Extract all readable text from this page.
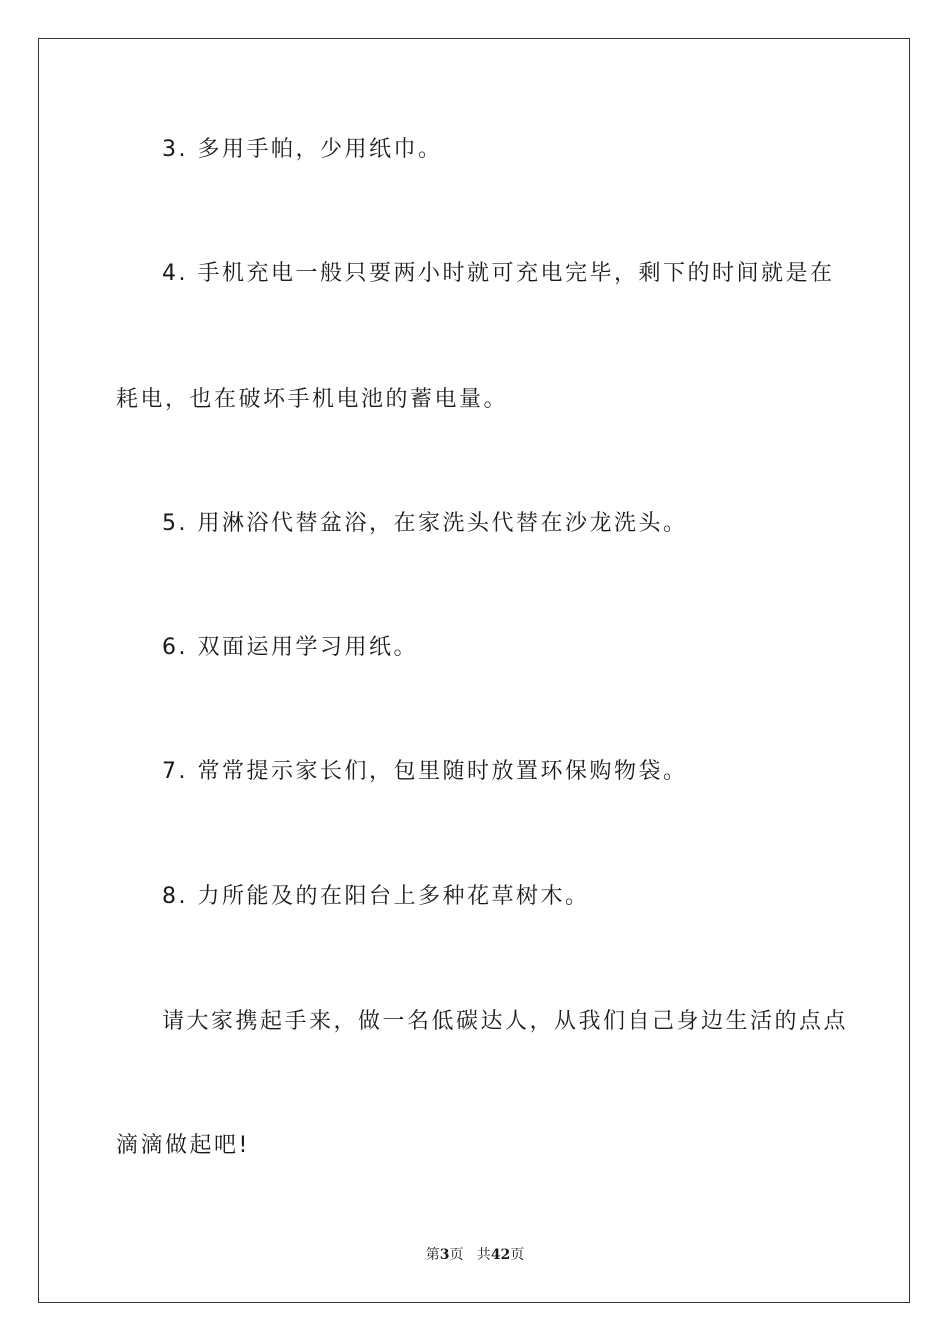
3. 多用手帕，少用纸巾。
4. 手机充电一般只要两小时就可充电完毕，剩下的时间就是在
耗电，也在破坏手机电池的蓄电量。
5. 用淋浴代替盆浴，在家洗头代替在沙龙洗头。
6. 双面运用学习用纸。
7. 常常提示家长们，包里随时放置环保购物袋。
8. 力所能及的在阳台上多种花草树木。
请大家携起手来，做一名低碳达人，从我们自己身边生活的点点
滴滴做起吧!
第3页   共42页
